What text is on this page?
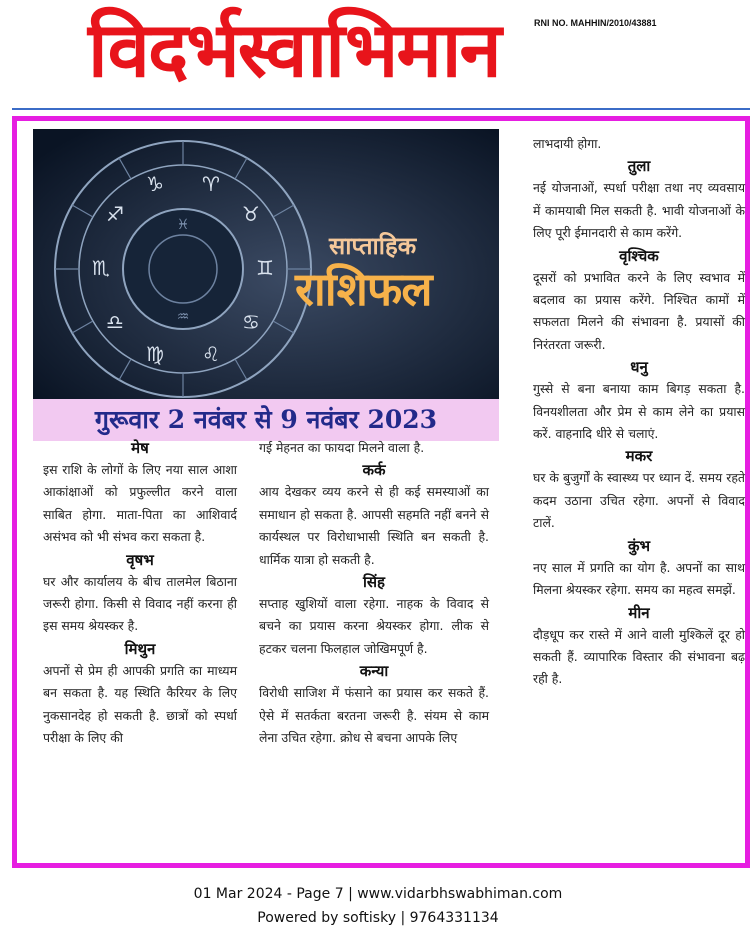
विदर्भस्वाभिमान	RNI NO. MAHHIN/2010/43881
♈
♉
♊
♋
♌
♍
♎
♏
♐
♑
♓
♒
साप्ताहिक
राशिफल
गुरूवार 2 नवंबर से 9 नवंबर 2023
मेष

इस राशि के लोगों के लिए नया साल आशा आकांक्षाओं को प्रफुल्लीत करने वाला साबित होगा. माता-पिता का आशिवार्द असंभव को भी संभव करा सकता है.

वृषभ

घर और कार्यालय के बीच तालमेल बिठाना जरूरी होगा. किसी से विवाद नहीं करना ही इस समय श्रेयस्कर है.

मिथुन

अपनों से प्रेम ही आपकी प्रगति का माध्यम बन सकता है. यह स्थिति कैरियर के लिए नुकसानदेह हो सकती है. छात्रों को स्पर्धा परीक्षा के लिए की

गई मेहनत का फायदा मिलने वाला है.

कर्क

आय देखकर व्यय करने से ही कई समस्याओं का समाधान हो सकता है. आपसी सहमति नहीं बनने से कार्यस्थल पर विरोधाभासी स्थिति बन सकती है. धार्मिक यात्रा हो सकती है.

सिंह

सप्ताह खुशियों वाला रहेगा. नाहक के विवाद से बचने का प्रयास करना श्रेयस्कर होगा. लीक से हटकर चलना फिलहाल जोखिमपूर्ण है.

कन्या

विरोधी साजिश में फंसाने का प्रयास कर सकते हैं. ऐसे में सतर्कता बरतना जरूरी है. संयम से काम लेना उचित रहेगा. क्रोध से बचना आपके लिए

लाभदायी होगा.

तुला

नई योजनाओं, स्पर्धा परीक्षा तथा नए व्यवसाय में कामयाबी मिल सकती है. भावी योजनाओं के लिए पूरी ईमानदारी से काम करेंगे.

वृश्चिक

दूसरों को प्रभावित करने के लिए स्वभाव में बदलाव का प्रयास करेंगे. निश्चित कामों में सफलता मिलने की संभावना है. प्रयासों की निरंतरता जरूरी.

धनु

गुस्से से बना बनाया काम बिगड़ सकता है. विनयशीलता और प्रेम से काम लेने का प्रयास करें. वाहनादि धीरे से चलाएं.

मकर

घर के बुजुर्गों के स्वास्थ्य पर ध्यान दें. समय रहते कदम उठाना उचित रहेगा. अपनों से विवाद टालें.

कुंभ

नए साल में प्रगति का योग है. अपनों का साथ मिलना श्रेयस्कर रहेगा. समय का महत्व समझें.

मीन

दौड़धूप कर रास्ते में आने वाली मुश्किलें दूर हो सकती हैं. व्यापारिक विस्तार की संभावना बढ़ रही है.

01 Mar 2024 - Page 7 | www.vidarbhswabhiman.com
Powered by softisky | 9764331134
